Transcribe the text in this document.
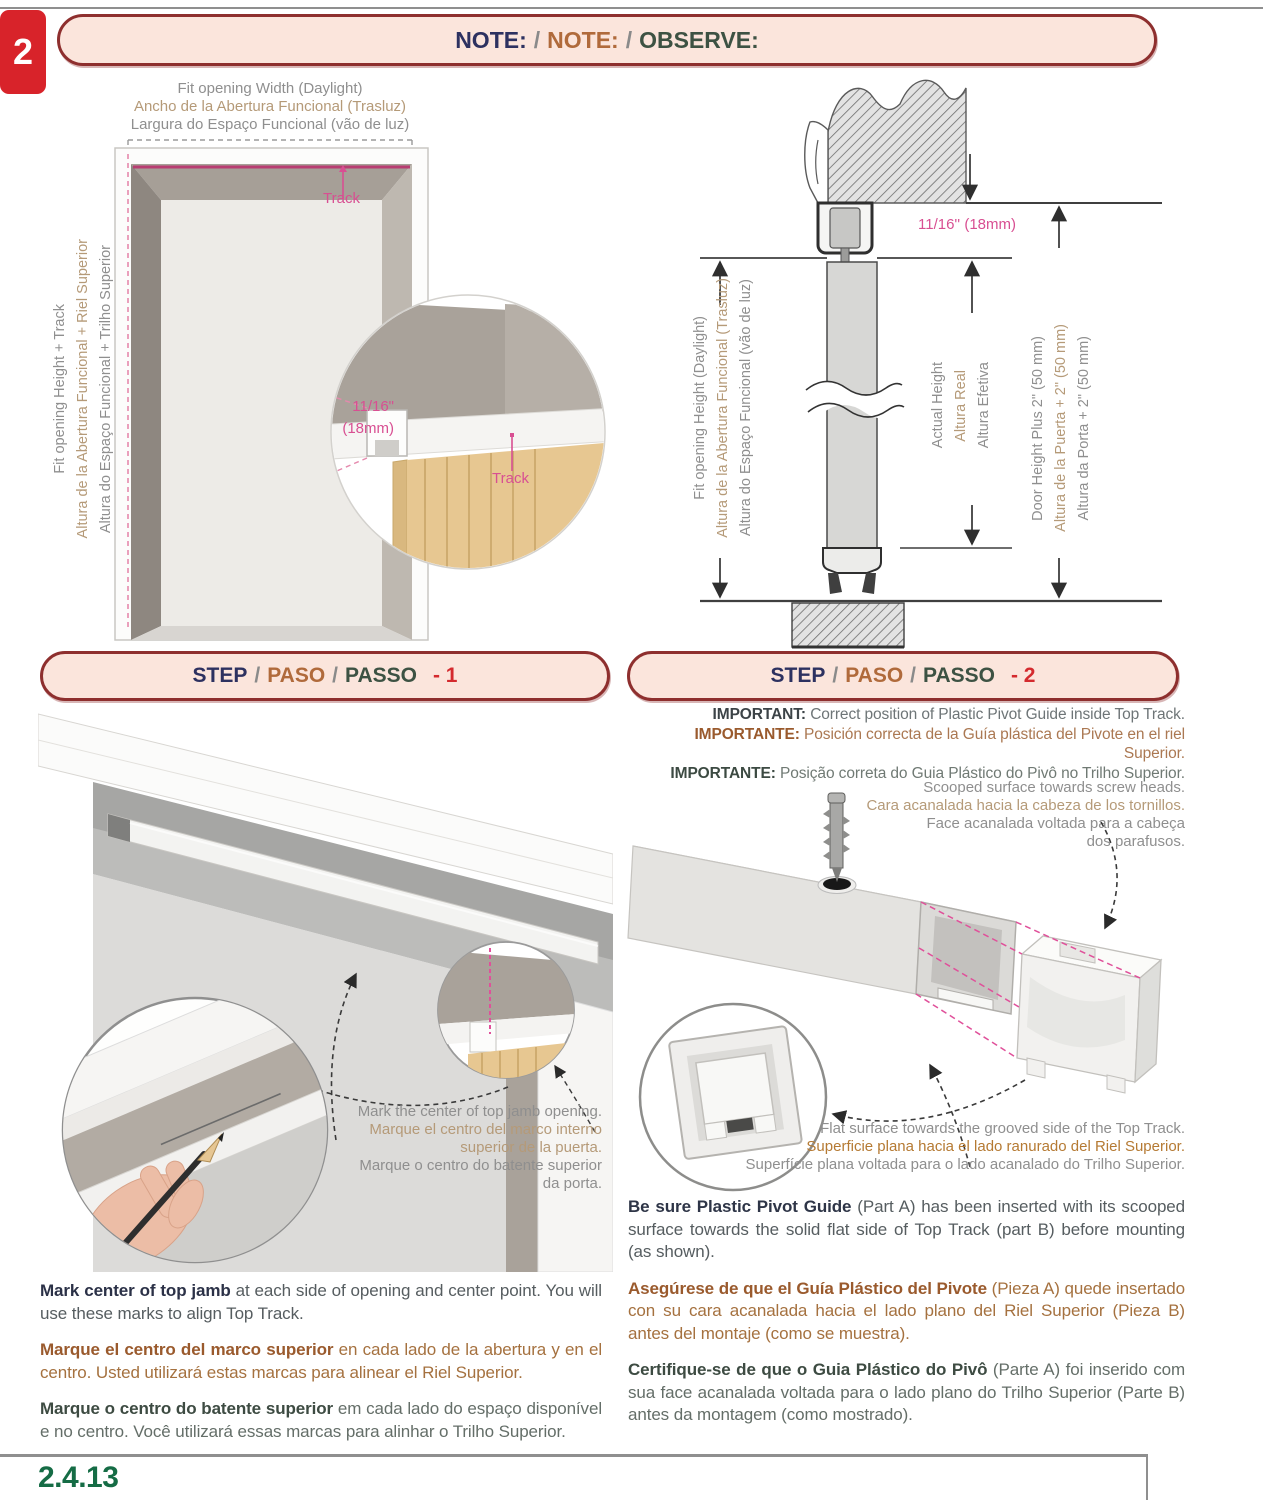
2	NOTE: / NOTE: / OBSERVE:
Fit opening Width (Daylight)
Ancho de la Abertura Funcional (Trasluz)
Largura do Espaço Funcional (vão de luz)
Fit opening Height + Track Altura de la Abertura Funcional + Riel Superior Altura do Espaço Funcional + Trilho Superior
Track
11/16"
(18mm)
Track
11/16'' (18mm)
Fit opening Height (Daylight) Altura de la Abertura Funcional (Trasluz) Altura do Espaço Funcional (vão de luz)	Actual Height Altura Real Altura Efetiva	Door Height Plus 2" (50 mm) Altura de la Puerta + 2" (50 mm) Altura da Porta + 2" (50 mm)
STEP / PASO / PASSO - 1	STEP / PASO / PASSO - 2
Mark the center of top jamb opening.
Marque el centro del marco interno
superior de la puerta.
Marque o centro do batente superior
da porta.
IMPORTANT: Correct position of Plastic Pivot Guide inside Top Track.
IMPORTANTE: Posición correcta de la Guía plástica del Pivote en el riel Superior.
IMPORTANTE: Posição correta do Guia Plástico do Pivô no Trilho Superior.
Scooped surface towards screw heads.
Cara acanalada hacia la cabeza de los tornillos.
Face acanalada voltada para a cabeça
dos parafusos.
Flat surface towards the grooved side of the Top Track.
Superficie plana hacia el lado ranurado del Riel Superior.
Superfície plana voltada para o lado acanalado do Trilho Superior.

Be sure Plastic Pivot Guide (Part A) has been inserted with its scooped surface towards the solid flat side of Top Track (part B) before mounting (as shown).

Asegúrese de que el Guía Plástico del Pivote (Pieza A) quede insertado con su cara acanalada hacia el lado plano del Riel Superior (Pieza B) antes del montaje (como se muestra).

Certifique-se de que o Guia Plástico do Pivô (Parte A) foi inserido com sua face acanalada voltada para o lado plano do Trilho Superior (Parte B) antes da montagem (como mostrado).

Mark center of top jamb at each side of opening and center point. You will use these marks to align Top Track.

Marque el centro del marco superior en cada lado de la abertura y en el centro. Usted utilizará estas marcas para alinear el Riel Superior.

Marque o centro do batente superior em cada lado do espaço disponível e no centro. Você utilizará essas marcas para alinhar o Trilho Superior.

2.4.13
